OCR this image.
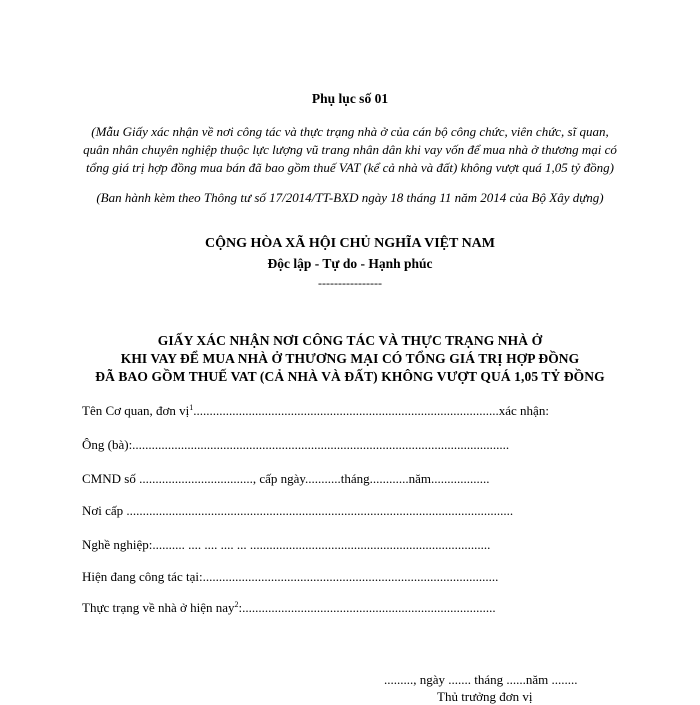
Phụ lục số 01
(Mẫu Giấy xác nhận về nơi công tác và thực trạng nhà ở của cán bộ công chức, viên chức, sĩ quan, quân nhân chuyên nghiệp thuộc lực lượng vũ trang nhân dân khi vay vốn để mua nhà ở thương mại có tổng giá trị hợp đồng mua bán đã bao gồm thuế VAT (kể cả nhà và đất) không vượt quá 1,05 tỷ đồng)
(Ban hành kèm theo Thông tư số 17/2014/TT-BXD ngày 18 tháng 11 năm 2014 của Bộ Xây dựng)
CỘNG HÒA XÃ HỘI CHỦ NGHĨA VIỆT NAM
Độc lập - Tự do - Hạnh phúc
----------------
GIẤY XÁC NHẬN NƠI CÔNG TÁC VÀ THỰC TRẠNG NHÀ Ở
KHI VAY ĐỂ MUA NHÀ Ở THƯƠNG MẠI CÓ TỔNG GIÁ TRỊ HỢP ĐỒNG
ĐÃ BAO GỒM THUẾ VAT (CẢ NHÀ VÀ ĐẤT) KHÔNG VƯỢT QUÁ 1,05 TỶ ĐỒNG
Tên Cơ quan, đơn vị$^1$..............................................................................................xác nhận:
Ông (bà):....................................................................................................................
CMND số ..................................., cấp ngày...........tháng............năm..................
Nơi cấp .......................................................................................................................
Nghề nghiệp:.......... .... .... .... ... ..........................................................................
Hiện đang công tác tại:...........................................................................................
Thực trạng về nhà ở hiện nay$^2$:..............................................................................
........., ngày ....... tháng ......năm ........
Thủ trưởng đơn vị
